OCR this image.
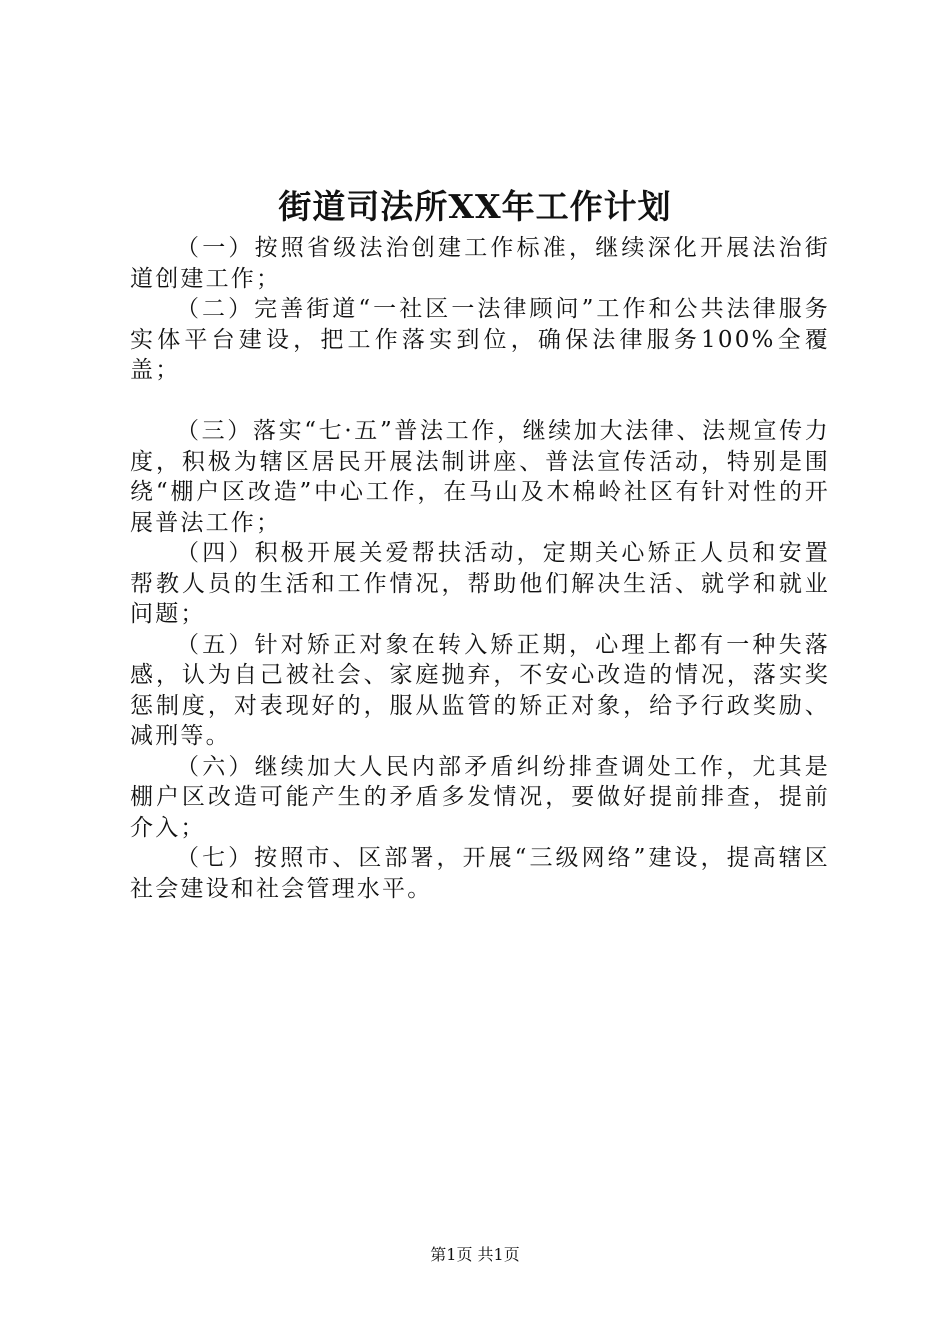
街道司法所XX年工作计划

（一）按照省级法治创建工作标准，继续深化开展法治街道创建工作；

（二）完善街道“一社区一法律顾问”工作和公共法律服务实体平台建设，把工作落实到位，确保法律服务100%全覆盖；

（三）落实“七·五”普法工作，继续加大法律、法规宣传力度，积极为辖区居民开展法制讲座、普法宣传活动，特别是围绕“棚户区改造”中心工作，在马山及木棉岭社区有针对性的开展普法工作；

（四）积极开展关爱帮扶活动，定期关心矫正人员和安置帮教人员的生活和工作情况，帮助他们解决生活、就学和就业问题；

（五）针对矫正对象在转入矫正期，心理上都有一种失落感，认为自己被社会、家庭抛弃，不安心改造的情况，落实奖惩制度，对表现好的，服从监管的矫正对象，给予行政奖励、减刑等。

（六）继续加大人民内部矛盾纠纷排查调处工作，尤其是棚户区改造可能产生的矛盾多发情况，要做好提前排查，提前介入；

（七）按照市、区部署，开展“三级网络”建设，提高辖区社会建设和社会管理水平。

第1页 共1页
